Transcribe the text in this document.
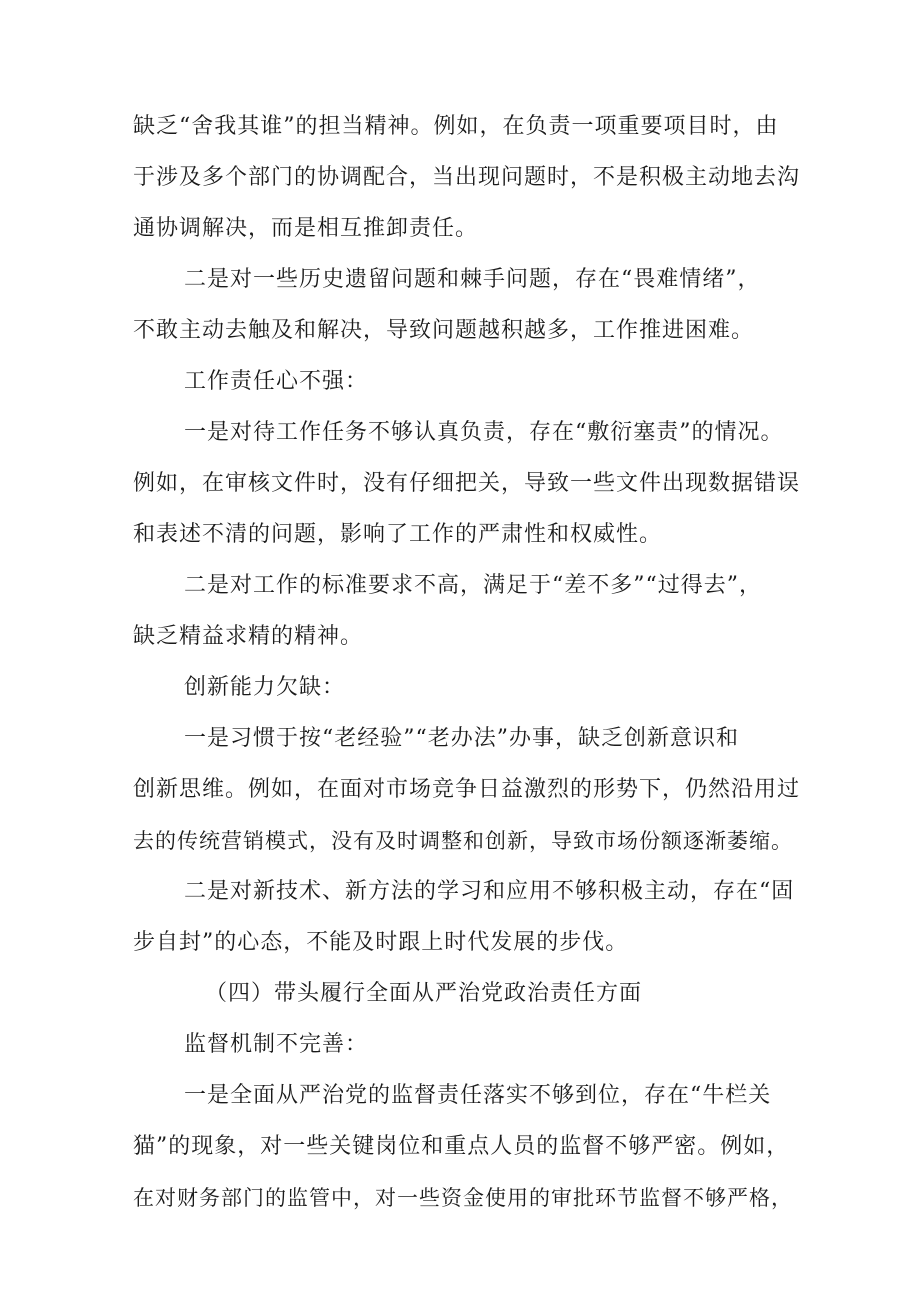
缺乏“舍我其谁”的担当精神。例如，在负责一项重要项目时，由
于涉及多个部门的协调配合，当出现问题时，不是积极主动地去沟
通协调解决，而是相互推卸责任。
二是对一些历史遗留问题和棘手问题，存在“畏难情绪”，
不敢主动去触及和解决，导致问题越积越多，工作推进困难。
工作责任心不强：
一是对待工作任务不够认真负责，存在“敷衍塞责”的情况。
例如，在审核文件时，没有仔细把关，导致一些文件出现数据错误
和表述不清的问题，影响了工作的严肃性和权威性。
二是对工作的标准要求不高，满足于“差不多”“过得去”，
缺乏精益求精的精神。
创新能力欠缺：
一是习惯于按“老经验”“老办法”办事，缺乏创新意识和
创新思维。例如，在面对市场竞争日益激烈的形势下，仍然沿用过
去的传统营销模式，没有及时调整和创新，导致市场份额逐渐萎缩。
二是对新技术、新方法的学习和应用不够积极主动，存在“固
步自封”的心态，不能及时跟上时代发展的步伐。
（四）带头履行全面从严治党政治责任方面
监督机制不完善：
一是全面从严治党的监督责任落实不够到位，存在“牛栏关
猫”的现象，对一些关键岗位和重点人员的监督不够严密。例如，
在对财务部门的监管中，对一些资金使用的审批环节监督不够严格，
